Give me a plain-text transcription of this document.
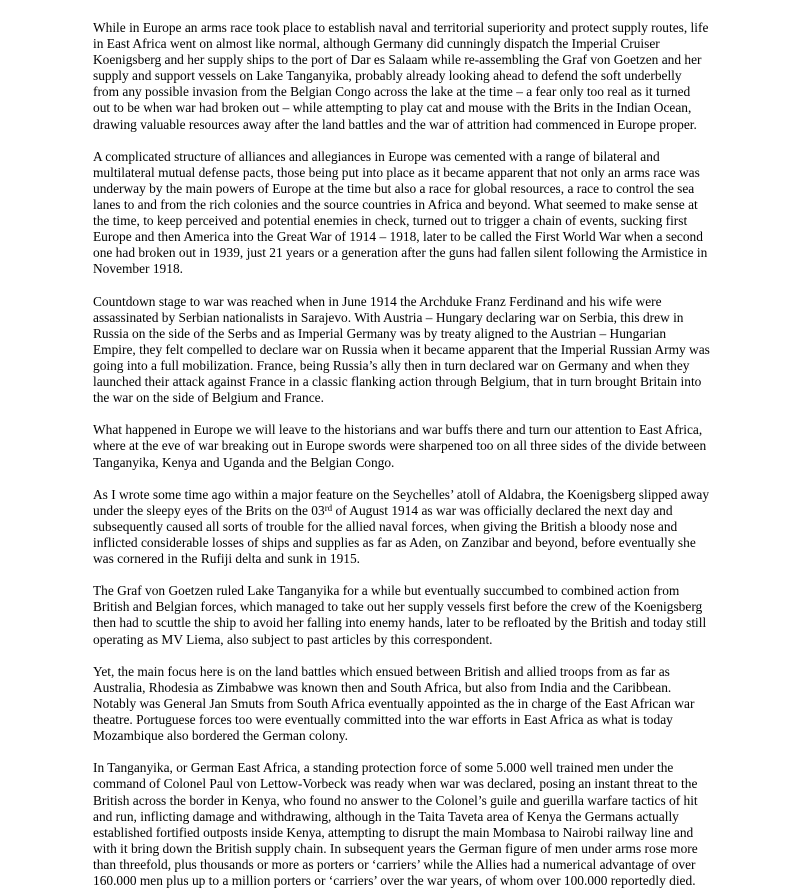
While in Europe an arms race took place to establish naval and territorial superiority and protect supply routes, life in East Africa went on almost like normal, although Germany did cunningly dispatch the Imperial Cruiser Koenigsberg and her supply ships to the port of Dar es Salaam while re-assembling the Graf von Goetzen and her supply and support vessels on Lake Tanganyika, probably already looking ahead to defend the soft underbelly from any possible invasion from the Belgian Congo across the lake at the time – a fear only too real as it turned out to be when war had broken out – while attempting to play cat and mouse with the Brits in the Indian Ocean, drawing valuable resources away after the land battles and the war of attrition had commenced in Europe proper.

A complicated structure of alliances and allegiances in Europe was cemented with a range of bilateral and multilateral mutual defense pacts, those being put into place as it became apparent that not only an arms race was underway by the main powers of Europe at the time but also a race for global resources, a race to control the sea lanes to and from the rich colonies and the source countries in Africa and beyond. What seemed to make sense at the time, to keep perceived and potential enemies in check, turned out to trigger a chain of events, sucking first Europe and then America into the Great War of 1914 – 1918, later to be called the First World War when a second one had broken out in 1939, just 21 years or a generation after the guns had fallen silent following the Armistice in November 1918.

Countdown stage to war was reached when in June 1914 the Archduke Franz Ferdinand and his wife were assassinated by Serbian nationalists in Sarajevo. With Austria – Hungary declaring war on Serbia, this drew in Russia on the side of the Serbs and as Imperial Germany was by treaty aligned to the Austrian – Hungarian Empire, they felt compelled to declare war on Russia when it became apparent that the Imperial Russian Army was going into a full mobilization. France, being Russia’s ally then in turn declared war on Germany and when they launched their attack against France in a classic flanking action through Belgium, that in turn brought Britain into the war on the side of Belgium and France.

What happened in Europe we will leave to the historians and war buffs there and turn our attention to East Africa, where at the eve of war breaking out in Europe swords were sharpened too on all three sides of the divide between Tanganyika, Kenya and Uganda and the Belgian Congo.

As I wrote some time ago within a major feature on the Seychelles’ atoll of Aldabra, the Koenigsberg slipped away under the sleepy eyes of the Brits on the 03rd of August 1914 as war was officially declared the next day and subsequently caused all sorts of trouble for the allied naval forces, when giving the British a bloody nose and inflicted considerable losses of ships and supplies as far as Aden, on Zanzibar and beyond, before eventually she was cornered in the Rufiji delta and sunk in 1915.

The Graf von Goetzen ruled Lake Tanganyika for a while but eventually succumbed to combined action from British and Belgian forces, which managed to take out her supply vessels first before the crew of the Koenigsberg then had to scuttle the ship to avoid her falling into enemy hands, later to be refloated by the British and today still operating as MV Liema, also subject to past articles by this correspondent.

Yet, the main focus here is on the land battles which ensued between British and allied troops from as far as Australia, Rhodesia as Zimbabwe was known then and South Africa, but also from India and the Caribbean. Notably was General Jan Smuts from South Africa eventually appointed as the in charge of the East African war theatre. Portuguese forces too were eventually committed into the war efforts in East Africa as what is today Mozambique also bordered the German colony.

In Tanganyika, or German East Africa, a standing protection force of some 5.000 well trained men under the command of Colonel Paul von Lettow-Vorbeck was ready when war was declared, posing an instant threat to the British across the border in Kenya, who found no answer to the Colonel’s guile and guerilla warfare tactics of hit and run, inflicting damage and withdrawing, although in the Taita Taveta area of Kenya the Germans actually established fortified outposts inside Kenya, attempting to disrupt the main Mombasa to Nairobi railway line and with it bring down the British supply chain. In subsequent years the German figure of men under arms rose more than threefold, plus thousands or more as porters or ‘carriers’ while the Allies had a numerical advantage of over 160.000 men plus up to a million porters or ‘carriers’ over the war years, of whom over 100.000 reportedly died.
